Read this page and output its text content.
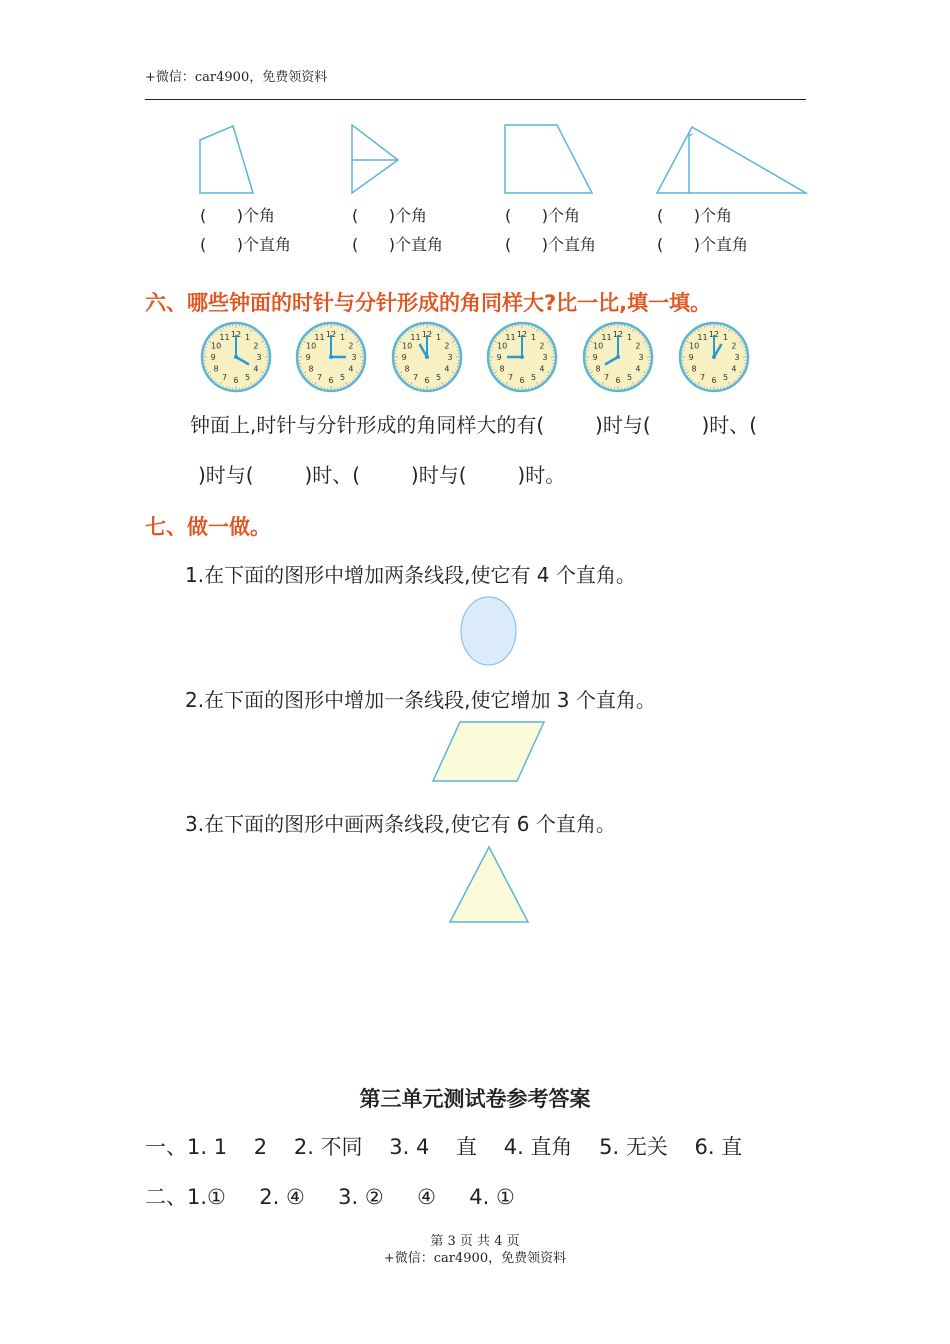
+微信：car4900，免费领资料
(      )个角
(      )个直角
(      )个角
(      )个直角
(      )个角
(      )个直角
(      )个角
(      )个直角
六、哪些钟面的时针与分针形成的角同样大?比一比,填一填。
12 1
2
3
4
5
6
7
8
9
10
11	12 1
2
3
4
5
6
7
8
9
10
11	12 1
2
3
4
5
6
7
8
9
10
11	12 1
2
3
4
5
6
7
8
9
10
11	12 1
2
3
4
5
6
7
8
9
10
11	12 1
2
3
4
5
6
7
8
9
10
11
钟面上,时针与分针形成的角同样大的有(        )时与(        )时、(
)时与(        )时、(        )时与(        )时。
七、做一做。
1.在下面的图形中增加两条线段,使它有 4 个直角。
2.在下面的图形中增加一条线段,使它增加 3 个直角。
3.在下面的图形中画两条线段,使它有 6 个直角。
第三单元测试卷参考答案
一、1. 1    2    2. 不同    3. 4    直    4. 直角    5. 无关    6. 直
二、1.①     2. ④     3. ②     ④     4. ①
第 3 页 共 4 页
+微信：car4900，免费领资料
